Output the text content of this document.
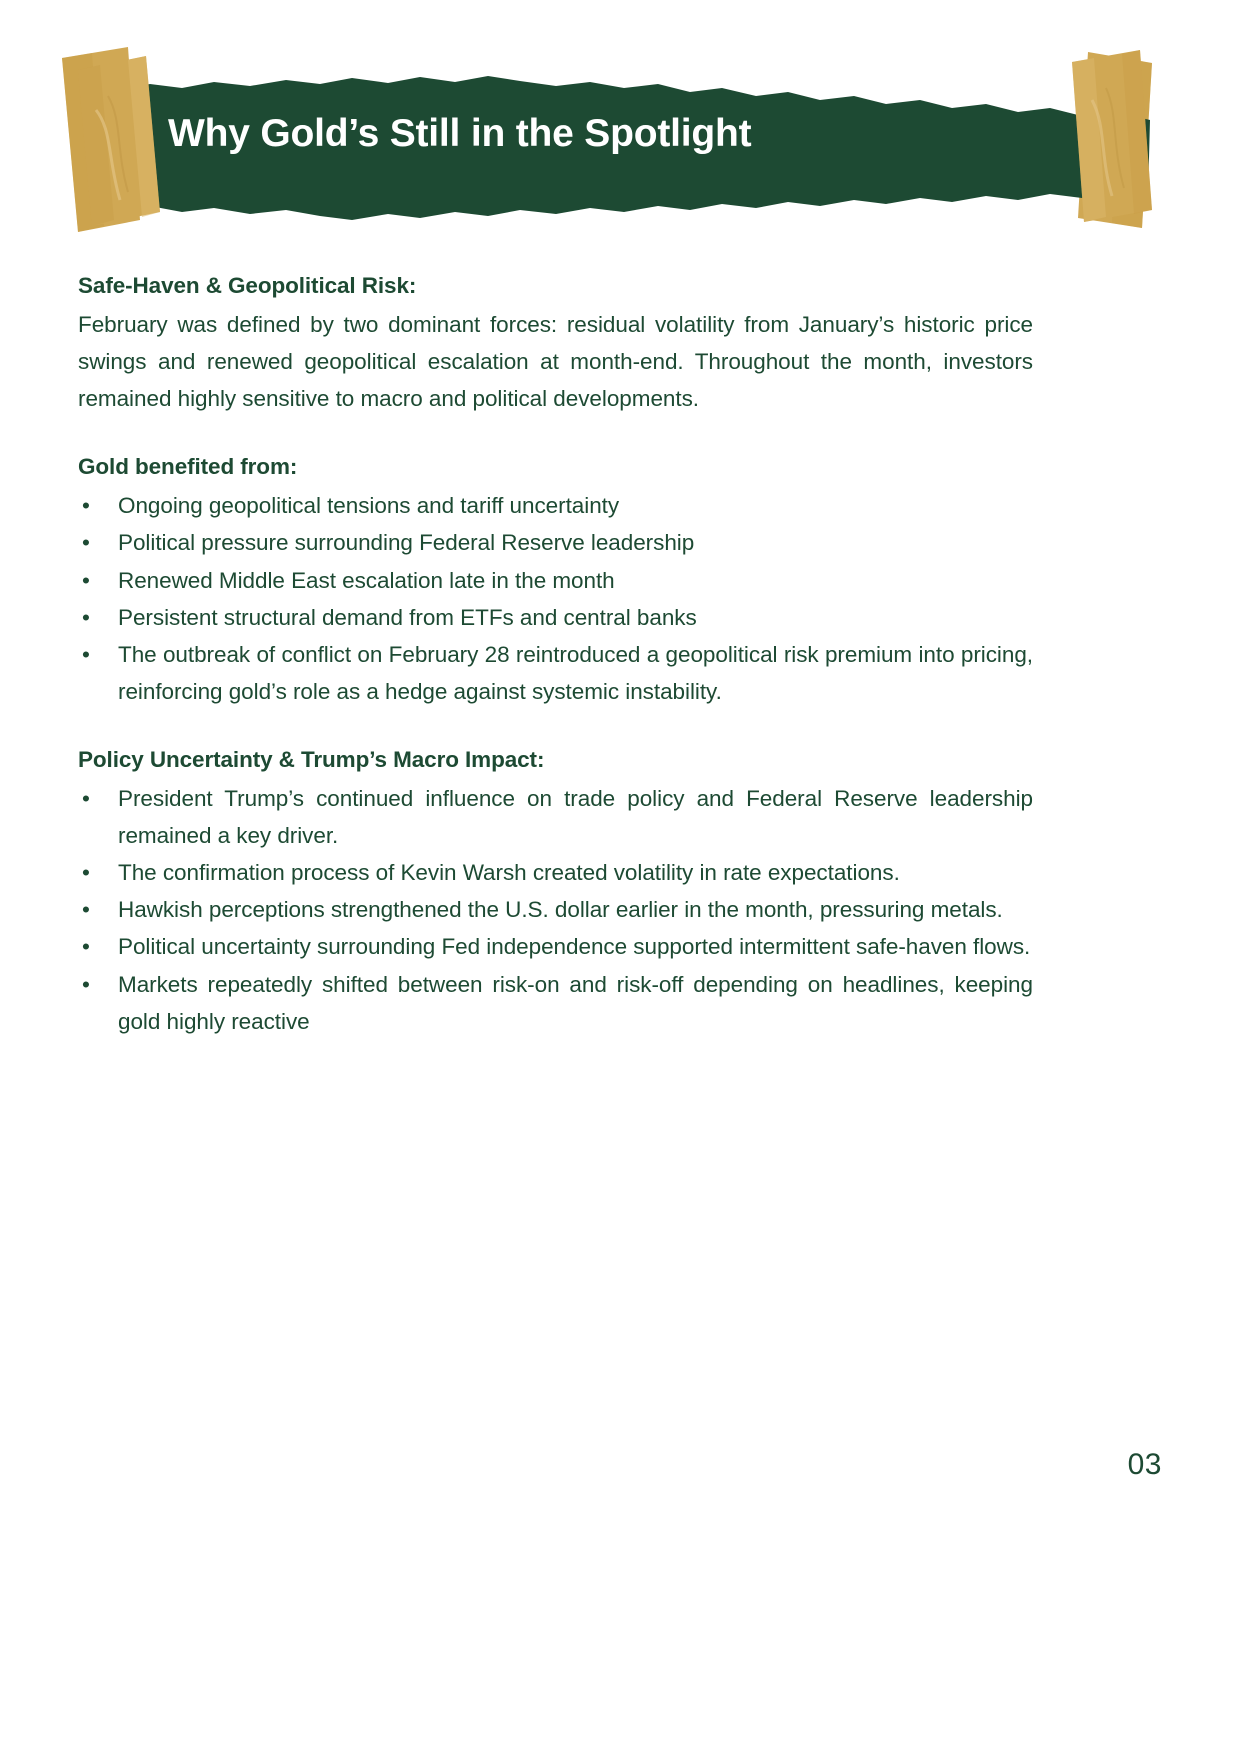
Why Gold’s Still in the Spotlight
Safe-Haven & Geopolitical Risk:

February was defined by two dominant forces: residual volatility from January’s historic price swings and renewed geopolitical escalation at month-end. Throughout the month, investors remained highly sensitive to macro and political developments.

Gold benefited from:
• Ongoing geopolitical tensions and tariff uncertainty
• Political pressure surrounding Federal Reserve leadership
• Renewed Middle East escalation late in the month
• Persistent structural demand from ETFs and central banks
• The outbreak of conflict on February 28 reintroduced a geopolitical risk premium into pricing, reinforcing gold’s role as a hedge against systemic instability.
Policy Uncertainty & Trump’s Macro Impact:
• President Trump’s continued influence on trade policy and Federal Reserve leadership remained a key driver.
• The confirmation process of Kevin Warsh created volatility in rate expectations.
• Hawkish perceptions strengthened the U.S. dollar earlier in the month, pressuring metals.
• Political uncertainty surrounding Fed independence supported intermittent safe-haven flows.
• Markets repeatedly shifted between risk-on and risk-off depending on headlines, keeping gold highly reactive
03
